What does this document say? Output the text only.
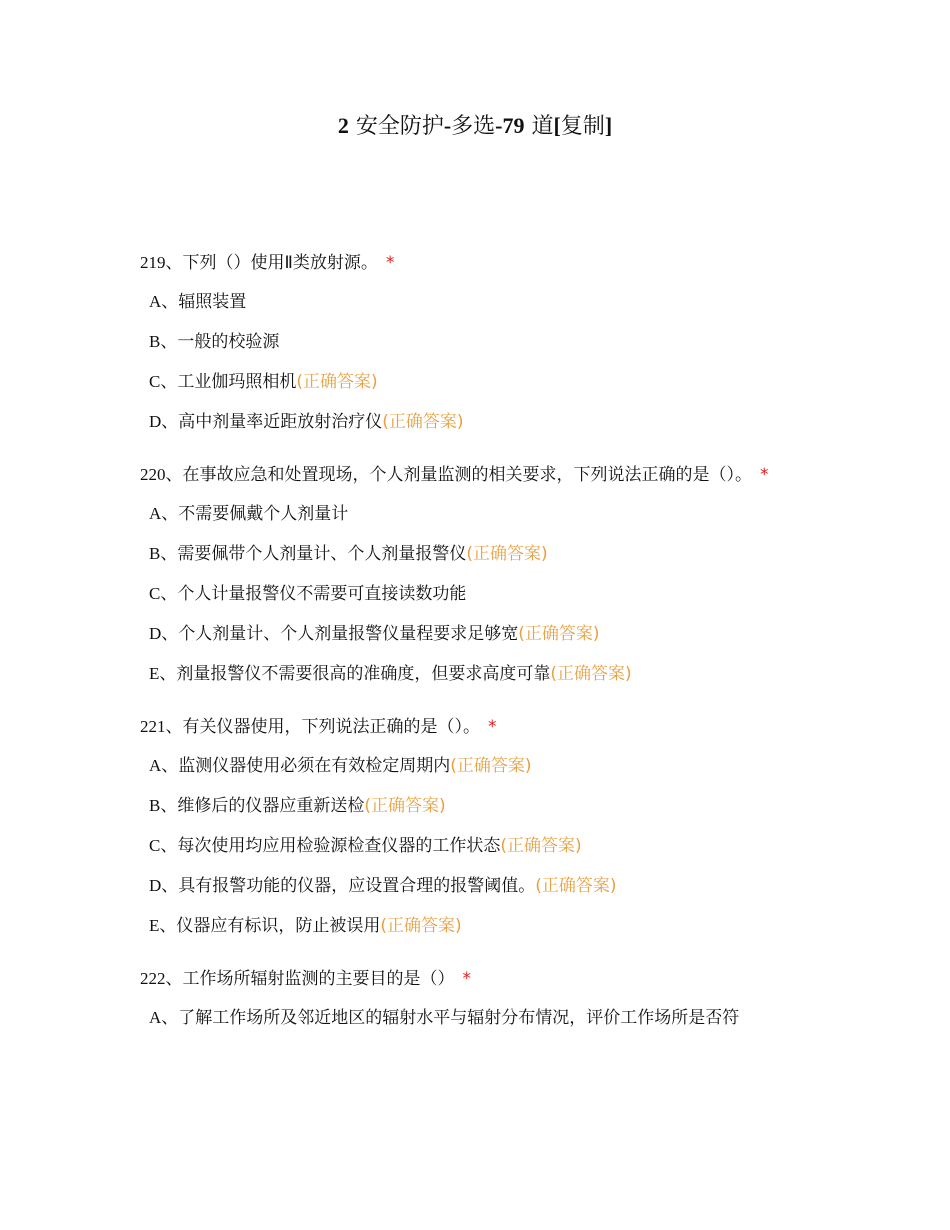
2 安全防护-多选-79 道[复制]

219、下列（）使用Ⅱ类放射源。 *

A、辐照装置

B、一般的校验源

C、工业伽玛照相机(正确答案)

D、高中剂量率近距放射治疗仪(正确答案)

220、在事故应急和处置现场，个人剂量监测的相关要求，下列说法正确的是（）。 *

A、不需要佩戴个人剂量计

B、需要佩带个人剂量计、个人剂量报警仪(正确答案)

C、个人计量报警仪不需要可直接读数功能

D、个人剂量计、个人剂量报警仪量程要求足够宽(正确答案)

E、剂量报警仪不需要很高的准确度，但要求高度可靠(正确答案)

221、有关仪器使用，下列说法正确的是（）。 *

A、监测仪器使用必须在有效检定周期内(正确答案)

B、维修后的仪器应重新送检(正确答案)

C、每次使用均应用检验源检查仪器的工作状态(正确答案)

D、具有报警功能的仪器，应设置合理的报警阈值。(正确答案)

E、仪器应有标识，防止被误用(正确答案)

222、工作场所辐射监测的主要目的是（） *

A、了解工作场所及邻近地区的辐射水平与辐射分布情况，评价工作场所是否符
